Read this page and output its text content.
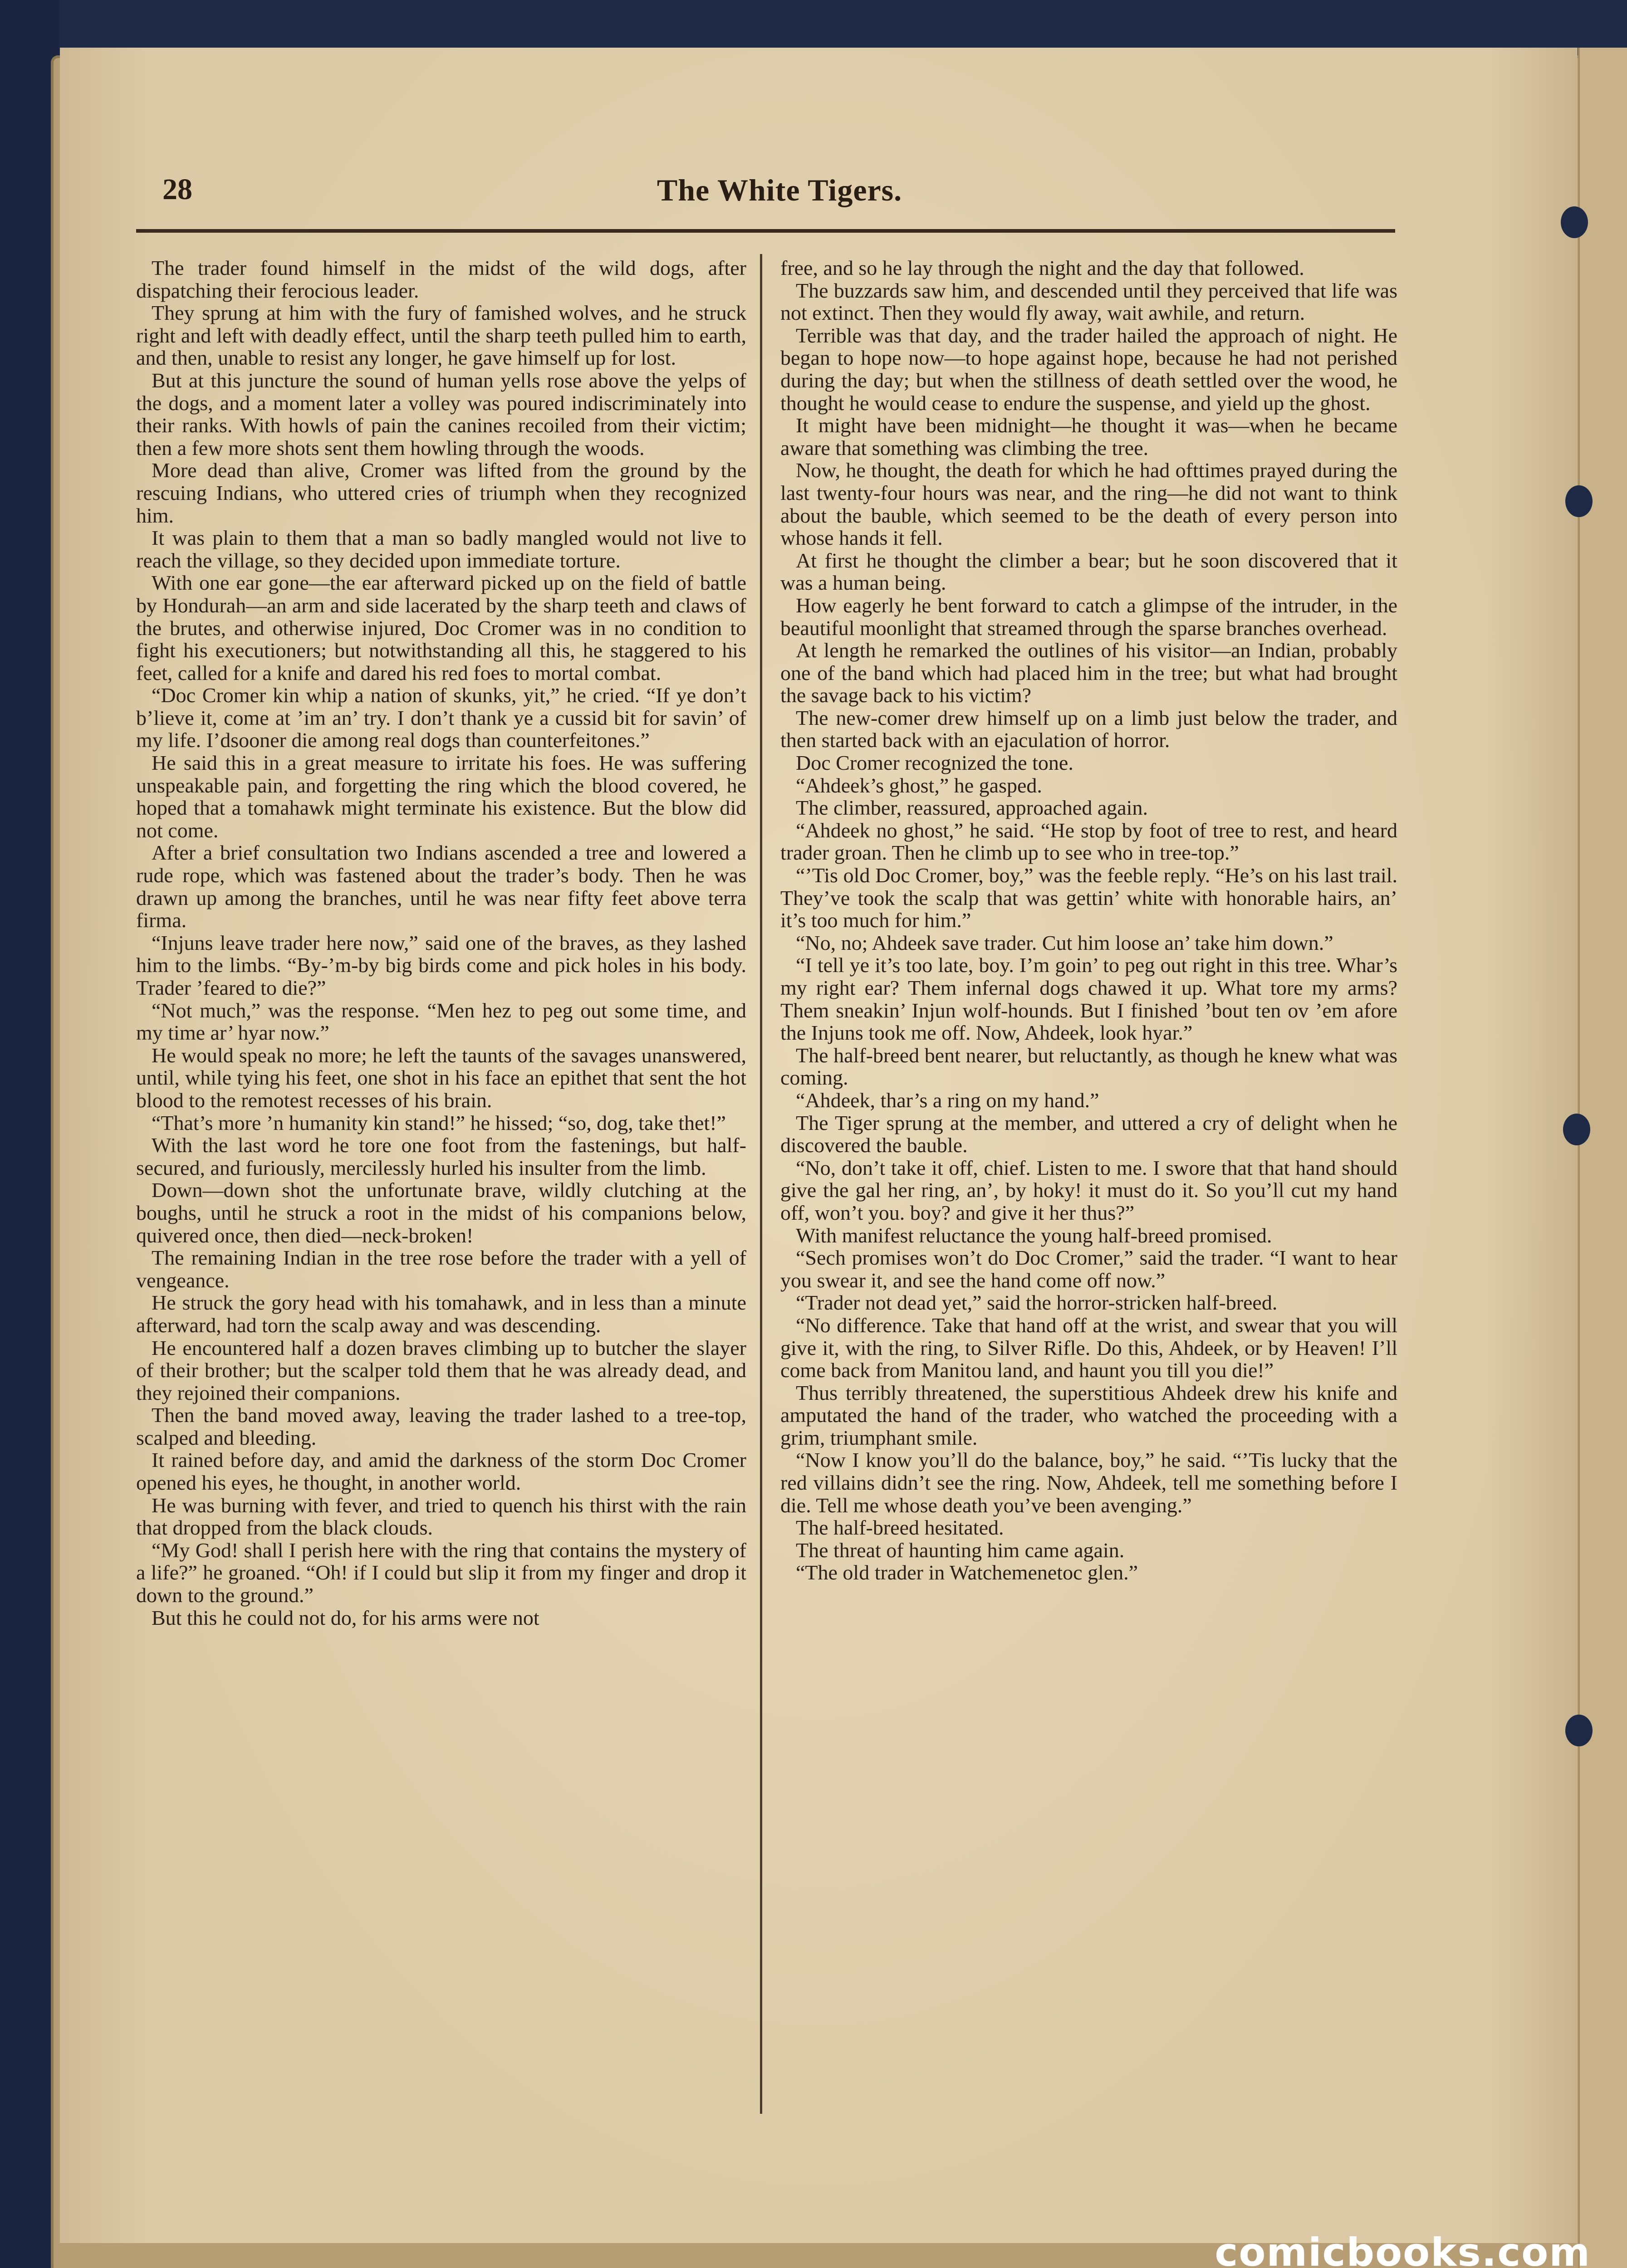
The White Tigers.
28

The trader found himself in the midst of the wild dogs, after dispatching their ferocious leader.

They sprung at him with the fury of famished wolves, and he struck right and left with deadly effect, until the sharp teeth pulled him to earth, and then, unable to resist any longer, he gave himself up for lost.

But at this juncture the sound of human yells rose above the yelps of the dogs, and a moment later a volley was poured indiscriminately into their ranks. With howls of pain the canines recoiled from their victim; then a few more shots sent them howling through the woods.

More dead than alive, Cromer was lifted from the ground by the rescuing Indians, who uttered cries of triumph when they recognized him.

It was plain to them that a man so badly mangled would not live to reach the village, so they decided upon immediate torture.

With one ear gone—the ear afterward picked up on the field of battle by Hondurah—an arm and side lacerated by the sharp teeth and claws of the brutes, and otherwise injured, Doc Cromer was in no condition to fight his executioners; but notwithstanding all this, he staggered to his feet, called for a knife and dared his red foes to mortal combat.

“Doc Cromer kin whip a nation of skunks, yit,” he cried. “If ye don’t b’lieve it, come at ’im an’ try. I don’t thank ye a cussid bit for savin’ of my life. I’dsooner die among real dogs than counterfeitones.”

He said this in a great measure to irritate his foes. He was suffering unspeakable pain, and forgetting the ring which the blood covered, he hoped that a tomahawk might terminate his existence. But the blow did not come.

After a brief consultation two Indians ascended a tree and lowered a rude rope, which was fastened about the trader’s body. Then he was drawn up among the branches, until he was near fifty feet above terra firma.

“Injuns leave trader here now,” said one of the braves, as they lashed him to the limbs. “By-’m-by big birds come and pick holes in his body. Trader ’feared to die?”

“Not much,” was the response. “Men hez to peg out some time, and my time ar’ hyar now.”

He would speak no more; he left the taunts of the savages unanswered, until, while tying his feet, one shot in his face an epithet that sent the hot blood to the remotest recesses of his brain.

“That’s more ’n humanity kin stand!” he hissed; “so, dog, take thet!”

With the last word he tore one foot from the fastenings, but half-secured, and furiously, mercilessly hurled his insulter from the limb.

Down—down shot the unfortunate brave, wildly clutching at the boughs, until he struck a root in the midst of his companions below, quivered once, then died—neck-broken!

The remaining Indian in the tree rose before the trader with a yell of vengeance.

He struck the gory head with his tomahawk, and in less than a minute afterward, had torn the scalp away and was descending.

He encountered half a dozen braves climbing up to butcher the slayer of their brother; but the scalper told them that he was already dead, and they rejoined their companions.

Then the band moved away, leaving the trader lashed to a tree-top, scalped and bleeding.

It rained before day, and amid the darkness of the storm Doc Cromer opened his eyes, he thought, in another world.

He was burning with fever, and tried to quench his thirst with the rain that dropped from the black clouds.

“My God! shall I perish here with the ring that contains the mystery of a life?” he groaned. “Oh! if I could but slip it from my finger and drop it down to the ground.”

But this he could not do, for his arms were not

free, and so he lay through the night and the day that followed.

The buzzards saw him, and descended until they perceived that life was not extinct. Then they would fly away, wait awhile, and return.

Terrible was that day, and the trader hailed the approach of night. He began to hope now—to hope against hope, because he had not perished during the day; but when the stillness of death settled over the wood, he thought he would cease to endure the suspense, and yield up the ghost.

It might have been midnight—he thought it was—when he became aware that something was climbing the tree.

Now, he thought, the death for which he had ofttimes prayed during the last twenty-four hours was near, and the ring—he did not want to think about the bauble, which seemed to be the death of every person into whose hands it fell.

At first he thought the climber a bear; but he soon discovered that it was a human being.

How eagerly he bent forward to catch a glimpse of the intruder, in the beautiful moonlight that streamed through the sparse branches overhead.

At length he remarked the outlines of his visitor—an Indian, probably one of the band which had placed him in the tree; but what had brought the savage back to his victim?

The new-comer drew himself up on a limb just below the trader, and then started back with an ejaculation of horror.

Doc Cromer recognized the tone.

“Ahdeek’s ghost,” he gasped.

The climber, reassured, approached again.

“Ahdeek no ghost,” he said. “He stop by foot of tree to rest, and heard trader groan. Then he climb up to see who in tree-top.”

“’Tis old Doc Cromer, boy,” was the feeble reply. “He’s on his last trail. They’ve took the scalp that was gettin’ white with honorable hairs, an’ it’s too much for him.”

“No, no; Ahdeek save trader. Cut him loose an’ take him down.”

“I tell ye it’s too late, boy. I’m goin’ to peg out right in this tree. Whar’s my right ear? Them infernal dogs chawed it up. What tore my arms? Them sneakin’ Injun wolf-hounds. But I finished ’bout ten ov ’em afore the Injuns took me off. Now, Ahdeek, look hyar.”

The half-breed bent nearer, but reluctantly, as though he knew what was coming.

“Ahdeek, thar’s a ring on my hand.”

The Tiger sprung at the member, and uttered a cry of delight when he discovered the bauble.

“No, don’t take it off, chief. Listen to me. I swore that that hand should give the gal her ring, an’, by hoky! it must do it. So you’ll cut my hand off, won’t you. boy? and give it her thus?”

With manifest reluctance the young half-breed promised.

“Sech promises won’t do Doc Cromer,” said the trader. “I want to hear you swear it, and see the hand come off now.”

“Trader not dead yet,” said the horror-stricken half-breed.

“No difference. Take that hand off at the wrist, and swear that you will give it, with the ring, to Silver Rifle. Do this, Ahdeek, or by Heaven! I’ll come back from Manitou land, and haunt you till you die!”

Thus terribly threatened, the superstitious Ahdeek drew his knife and amputated the hand of the trader, who watched the proceeding with a grim, triumphant smile.

“Now I know you’ll do the balance, boy,” he said. “’Tis lucky that the red villains didn’t see the ring. Now, Ahdeek, tell me something before I die. Tell me whose death you’ve been avenging.”

The half-breed hesitated.

The threat of haunting him came again.

“The old trader in Watchemenetoc glen.”

comicbooks.com
